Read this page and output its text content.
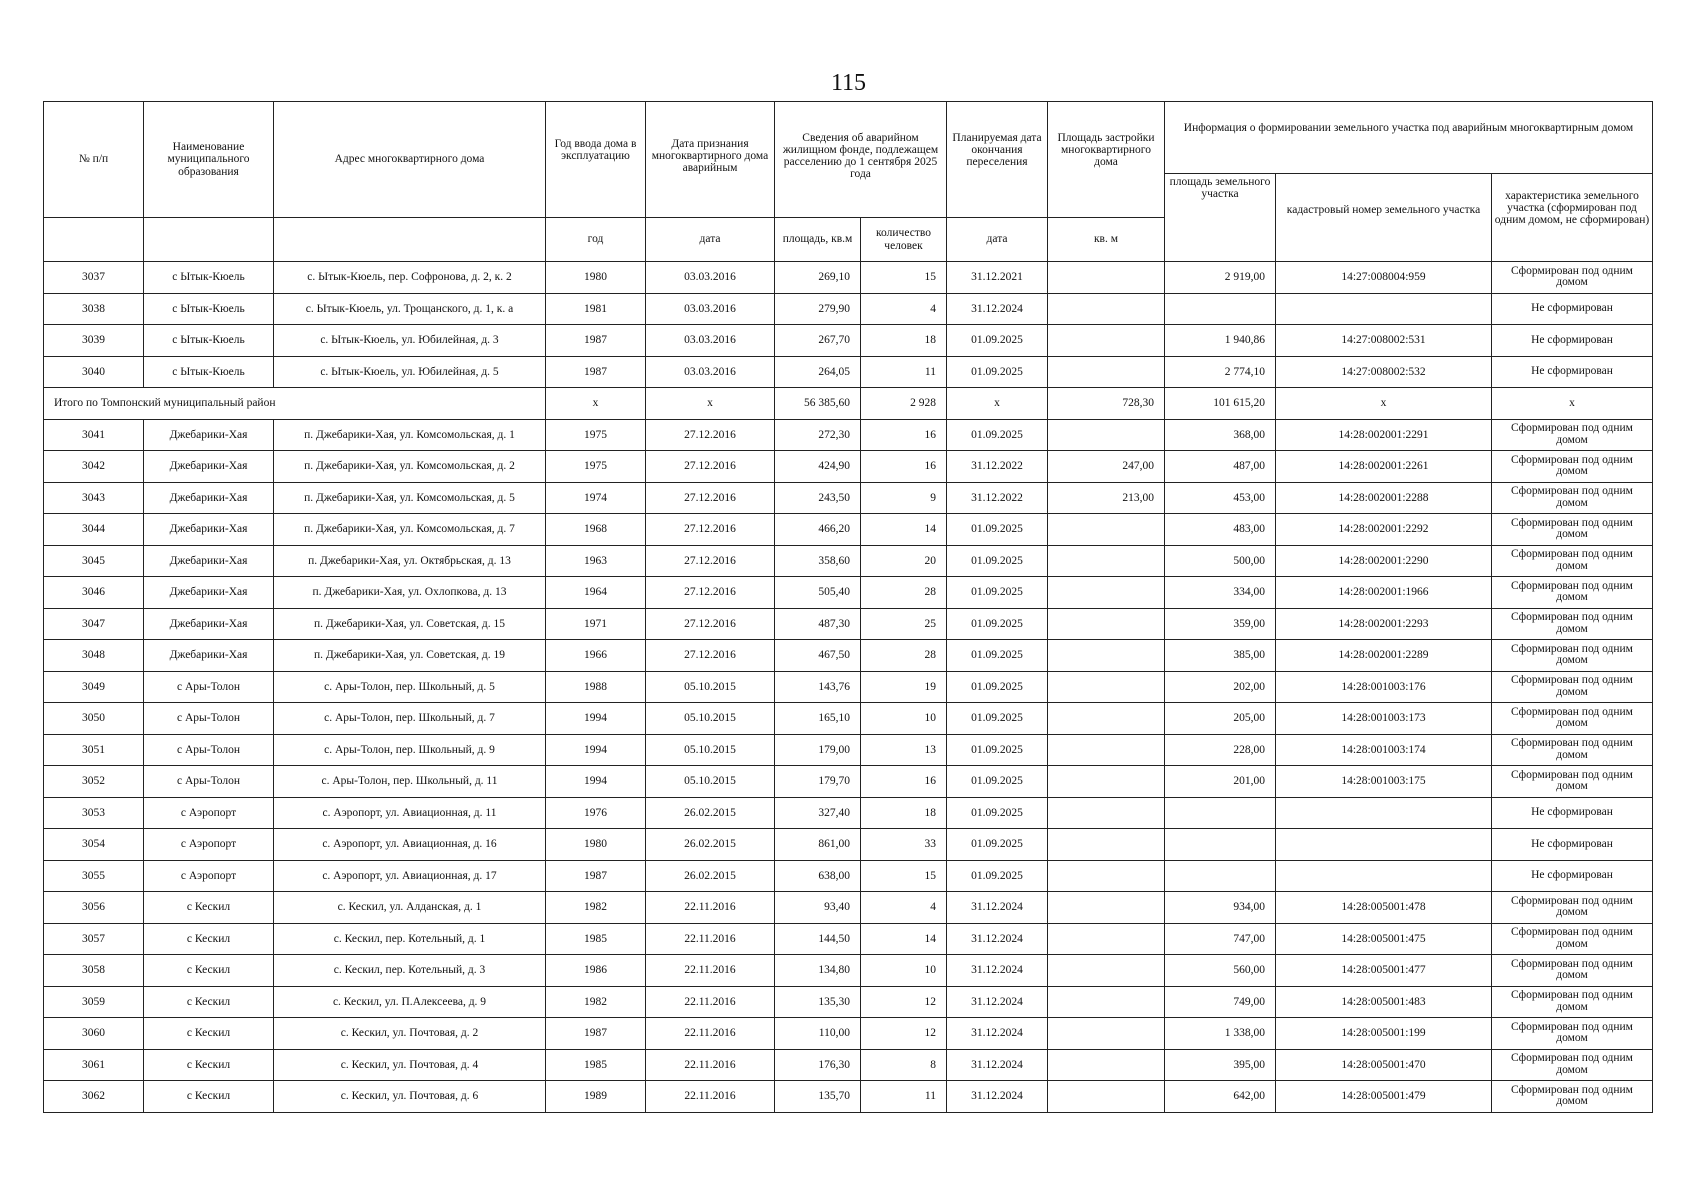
115
№ п/п	Наименование муниципального образования	Адрес многоквартирного дома	Год ввода дома в эксплуатацию	Дата признания многоквартирного дома аварийным	Сведения об аварийном жилищном фонде, подлежащем расселению до 1 сентября 2025 года		Планируемая дата окончания переселения	Площадь застройки многоквартирного дома	Информация о формировании земельного участка под аварийным многоквартирным домом		
									площадь земельного участка	кадастровый номер земельного участка	характеристика земельного участка (сформирован под одним домом, не сформирован)
			год	дата	площадь, кв.м	количество человек	дата	кв. м			
3037	с Ытык-Кюель	с. Ытык-Кюель, пер. Софронова, д. 2, к. 2	1980	03.03.2016	269,10	15	31.12.2021		2 919,00	14:27:008004:959	Сформирован под одним домом
3038	с Ытык-Кюель	с. Ытык-Кюель, ул. Трощанского, д. 1, к. а	1981	03.03.2016	279,90	4	31.12.2024				Не сформирован
3039	с Ытык-Кюель	с. Ытык-Кюель, ул. Юбилейная, д. 3	1987	03.03.2016	267,70	18	01.09.2025		1 940,86	14:27:008002:531	Не сформирован
3040	с Ытык-Кюель	с. Ытык-Кюель, ул. Юбилейная, д. 5	1987	03.03.2016	264,05	11	01.09.2025		2 774,10	14:27:008002:532	Не сформирован
Итого по Томпонский муниципальный район			x	x	56 385,60	2 928	x	728,30	101 615,20	x	x
3041	Джебарики-Хая	п. Джебарики-Хая, ул. Комсомольская, д. 1	1975	27.12.2016	272,30	16	01.09.2025		368,00	14:28:002001:2291	Сформирован под одним домом
3042	Джебарики-Хая	п. Джебарики-Хая, ул. Комсомольская, д. 2	1975	27.12.2016	424,90	16	31.12.2022	247,00	487,00	14:28:002001:2261	Сформирован под одним домом
3043	Джебарики-Хая	п. Джебарики-Хая, ул. Комсомольская, д. 5	1974	27.12.2016	243,50	9	31.12.2022	213,00	453,00	14:28:002001:2288	Сформирован под одним домом
3044	Джебарики-Хая	п. Джебарики-Хая, ул. Комсомольская, д. 7	1968	27.12.2016	466,20	14	01.09.2025		483,00	14:28:002001:2292	Сформирован под одним домом
3045	Джебарики-Хая	п. Джебарики-Хая, ул. Октябрьская, д. 13	1963	27.12.2016	358,60	20	01.09.2025		500,00	14:28:002001:2290	Сформирован под одним домом
3046	Джебарики-Хая	п. Джебарики-Хая, ул. Охлопкова, д. 13	1964	27.12.2016	505,40	28	01.09.2025		334,00	14:28:002001:1966	Сформирован под одним домом
3047	Джебарики-Хая	п. Джебарики-Хая, ул. Советская, д. 15	1971	27.12.2016	487,30	25	01.09.2025		359,00	14:28:002001:2293	Сформирован под одним домом
3048	Джебарики-Хая	п. Джебарики-Хая, ул. Советская, д. 19	1966	27.12.2016	467,50	28	01.09.2025		385,00	14:28:002001:2289	Сформирован под одним домом
3049	с Ары-Толон	с. Ары-Толон, пер. Школьный, д. 5	1988	05.10.2015	143,76	19	01.09.2025		202,00	14:28:001003:176	Сформирован под одним домом
3050	с Ары-Толон	с. Ары-Толон, пер. Школьный, д. 7	1994	05.10.2015	165,10	10	01.09.2025		205,00	14:28:001003:173	Сформирован под одним домом
3051	с Ары-Толон	с. Ары-Толон, пер. Школьный, д. 9	1994	05.10.2015	179,00	13	01.09.2025		228,00	14:28:001003:174	Сформирован под одним домом
3052	с Ары-Толон	с. Ары-Толон, пер. Школьный, д. 11	1994	05.10.2015	179,70	16	01.09.2025		201,00	14:28:001003:175	Сформирован под одним домом
3053	с Аэропорт	с. Аэропорт, ул. Авиационная, д. 11	1976	26.02.2015	327,40	18	01.09.2025				Не сформирован
3054	с Аэропорт	с. Аэропорт, ул. Авиационная, д. 16	1980	26.02.2015	861,00	33	01.09.2025				Не сформирован
3055	с Аэропорт	с. Аэропорт, ул. Авиационная, д. 17	1987	26.02.2015	638,00	15	01.09.2025				Не сформирован
3056	с Кескил	с. Кескил, ул. Алданская, д. 1	1982	22.11.2016	93,40	4	31.12.2024		934,00	14:28:005001:478	Сформирован под одним домом
3057	с Кескил	с. Кескил, пер. Котельный, д. 1	1985	22.11.2016	144,50	14	31.12.2024		747,00	14:28:005001:475	Сформирован под одним домом
3058	с Кескил	с. Кескил, пер. Котельный, д. 3	1986	22.11.2016	134,80	10	31.12.2024		560,00	14:28:005001:477	Сформирован под одним домом
3059	с Кескил	с. Кескил, ул. П.Алексеева, д. 9	1982	22.11.2016	135,30	12	31.12.2024		749,00	14:28:005001:483	Сформирован под одним домом
3060	с Кескил	с. Кескил, ул. Почтовая, д. 2	1987	22.11.2016	110,00	12	31.12.2024		1 338,00	14:28:005001:199	Сформирован под одним домом
3061	с Кескил	с. Кескил, ул. Почтовая, д. 4	1985	22.11.2016	176,30	8	31.12.2024		395,00	14:28:005001:470	Сформирован под одним домом
3062	с Кескил	с. Кескил, ул. Почтовая, д. 6	1989	22.11.2016	135,70	11	31.12.2024		642,00	14:28:005001:479	Сформирован под одним домом
